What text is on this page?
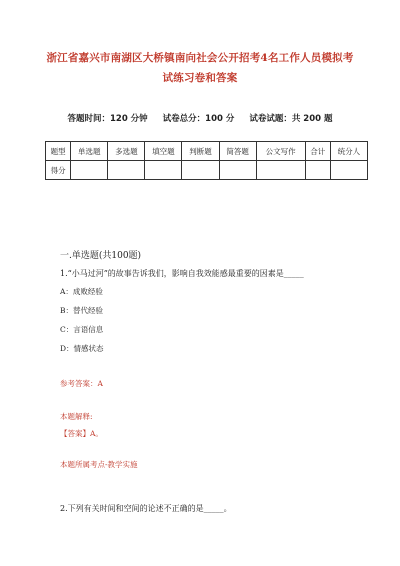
浙江省嘉兴市南湖区大桥镇南向社会公开招考4名工作人员模拟考
试练习卷和答案
答题时间：120 分钟 试卷总分：100 分 试卷试题：共 200 题
题型	单选题	多选题	填空题	判断题	简答题	公文写作	合计	统分人
得分								
一.单选题(共100题)
1.“小马过河”的故事告诉我们，影响自我效能感最重要的因素是_____
A：成败经验
B：替代经验
C：言语信息
D：情感状态
参考答案：A
本题解释:
【答案】A。
本题所属考点-教学实施
2.下列有关时间和空间的论述不正确的是_____。
